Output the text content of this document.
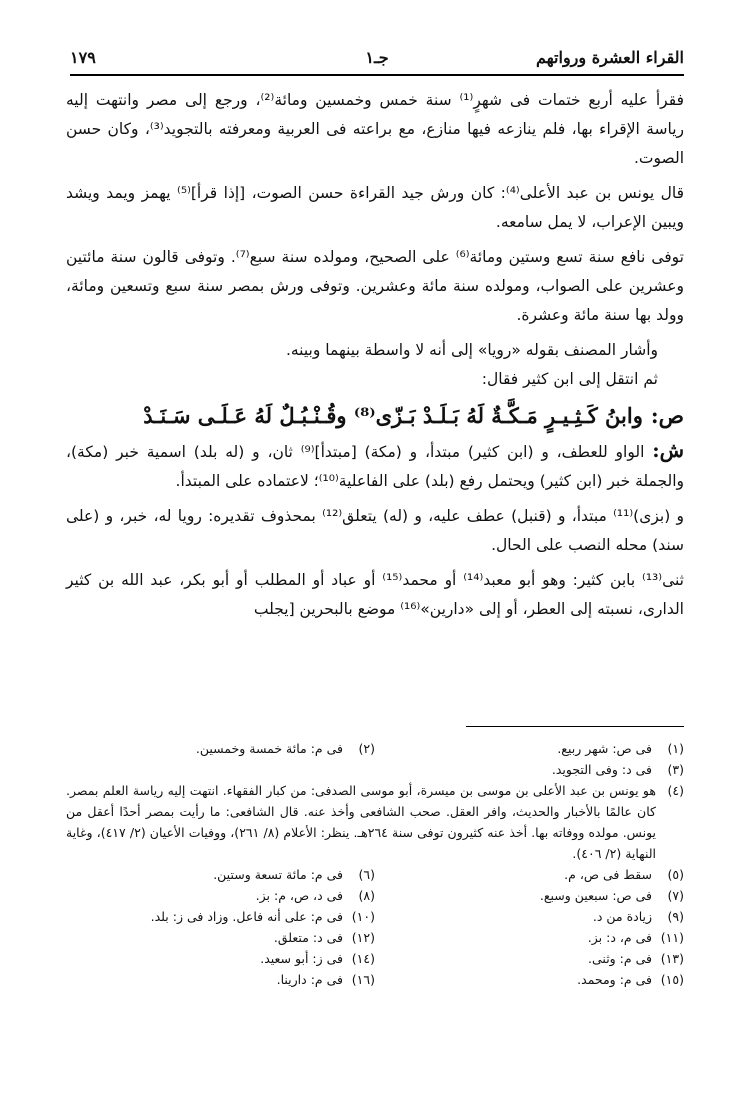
القراء العشرة ورواتهم
جـ۱
١٧٩

فقرأ عليه أربع ختمات فى شهرٍ⁽¹⁾ سنة خمس وخمسين ومائة⁽²⁾، ورجع إلى مصر وانتهت إليه رياسة الإقراء بها، فلم ينازعه فيها منازع، مع براعته فى العربية ومعرفته بالتجويد⁽³⁾، وكان حسن الصوت.

قال يونس بن عبد الأعلى⁽⁴⁾: كان ورش جيد القراءة حسن الصوت، [إذا قرأ]⁽⁵⁾ يهمز ويمد ويشد ويبين الإعراب، لا يمل سامعه.

توفى نافع سنة تسع وستين ومائة⁽⁶⁾ على الصحيح، ومولده سنة سبع⁽⁷⁾. وتوفى قالون سنة مائتين وعشرين على الصواب، ومولده سنة مائة وعشرين. وتوفى ورش بمصر سنة سبع وتسعين ومائة، وولد بها سنة مائة وعشرة.

وأشار المصنف بقوله «رويا» إلى أنه لا واسطة بينهما وبينه.

ثم انتقل إلى ابن كثير فقال:

ص:وابنُ كَـثِـيـرٍ مَـكَّـةٌ لَهُ بَـلَـدْ بَـزّى⁽⁸⁾ وقُـنْـبُـلٌ لَهُ عَـلَـى سَـنَـدْ

ش: الواو للعطف، و (ابن كثير) مبتدأ، و (مكة) [مبتدأ]⁽⁹⁾ ثان، و (له بلد) اسمية خبر (مكة)، والجملة خبر (ابن كثير) ويحتمل رفع (بلد) على الفاعلية⁽¹⁰⁾؛ لاعتماده على المبتدأ.

و (بزى)⁽¹¹⁾ مبتدأ، و (قنبل) عطف عليه، و (له) يتعلق⁽¹²⁾ بمحذوف تقديره: رويا له، خبر، و (على سند) محله النصب على الحال.

ثنى⁽¹³⁾ بابن كثير: وهو أبو معبد⁽¹⁴⁾ أو محمد⁽¹⁵⁾ أو عباد أو المطلب أو أبو بكر، عبد الله بن كثير الدارى، نسبته إلى العطر، أو إلى «دارين»⁽¹⁶⁾ موضع بالبحرين [يجلب

(١) فى ص: شهر ربيع.
(٢) فى م: مائة خمسة وخمسين.
(٣) فى د: وفى التجويد.
(٤)
هو يونس بن عبد الأعلى بن موسى بن ميسرة، أبو موسى الصدفى: من كبار الفقهاء. انتهت إليه رياسة العلم بمصر. كان عالمًا بالأخبار والحديث، وافر العقل. صحب الشافعى وأخذ عنه. قال الشافعى: ما رأيت بمصر أحدًا أعقل من يونس. مولده ووفاته بها. أخذ عنه كثيرون توفى سنة ٢٦٤هـ. ينظر: الأعلام (٨/ ٢٦١)، ووفيات الأعيان (٢/ ٤١٧)، وغاية النهاية (٢/ ٤٠٦).
(٥) سقط فى ص، م.
(٦) فى م: مائة تسعة وستين.
(٧) فى ص: سبعين وسبع.
(٨) فى د، ص، م: بز.
(٩) زيادة من د.
(١٠) فى م: على أنه فاعل. وزاد فى ز: بلد.
(١١) فى م، د: بز.
(١٢) فى د: متعلق.
(١٣) فى م: وثنى.
(١٤) فى ز: أبو سعيد.
(١٥) فى م: ومحمد.
(١٦) فى م: دارينا.
